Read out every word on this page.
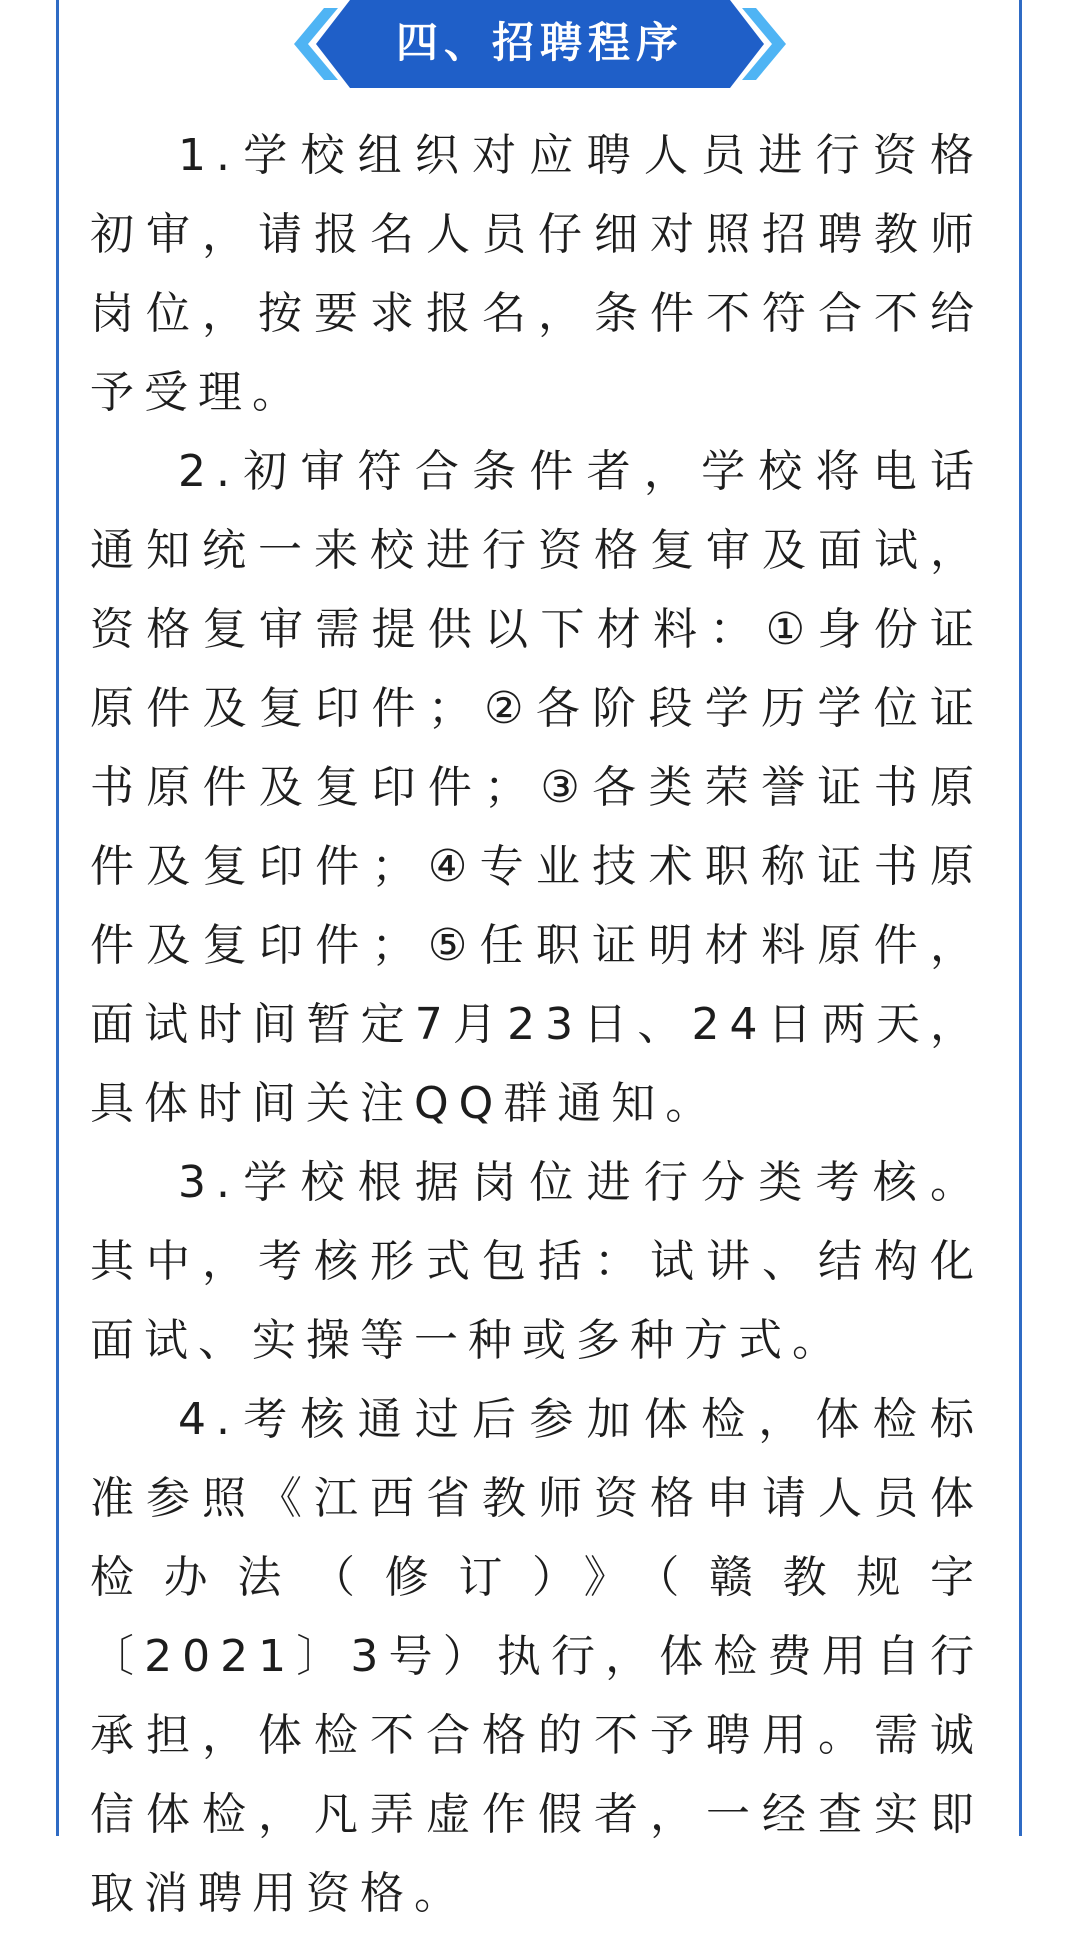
四、招聘程序

1.学校组织对应聘人员进行资格初审，请报名人员仔细对照招聘教师岗位，按要求报名，条件不符合不给予受理。

2.初审符合条件者，学校将电话通知统一来校进行资格复审及面试，资格复审需提供以下材料：①身份证原件及复印件；②各阶段学历学位证书原件及复印件；③各类荣誉证书原件及复印件；④专业技术职称证书原件及复印件；⑤任职证明材料原件，面试时间暂定7月23日、24日两天，具体时间关注QQ群通知。

3.学校根据岗位进行分类考核。其中，考核形式包括：试讲、结构化面试、实操等一种或多种方式。

4.考核通过后参加体检，体检标准参照《江西省教师资格申请人员体检办法（修订）》（赣教规字〔2021〕3号）执行，体检费用自行承担，体检不合格的不予聘用。需诚信体检，凡弄虚作假者，一经查实即取消聘用资格。
